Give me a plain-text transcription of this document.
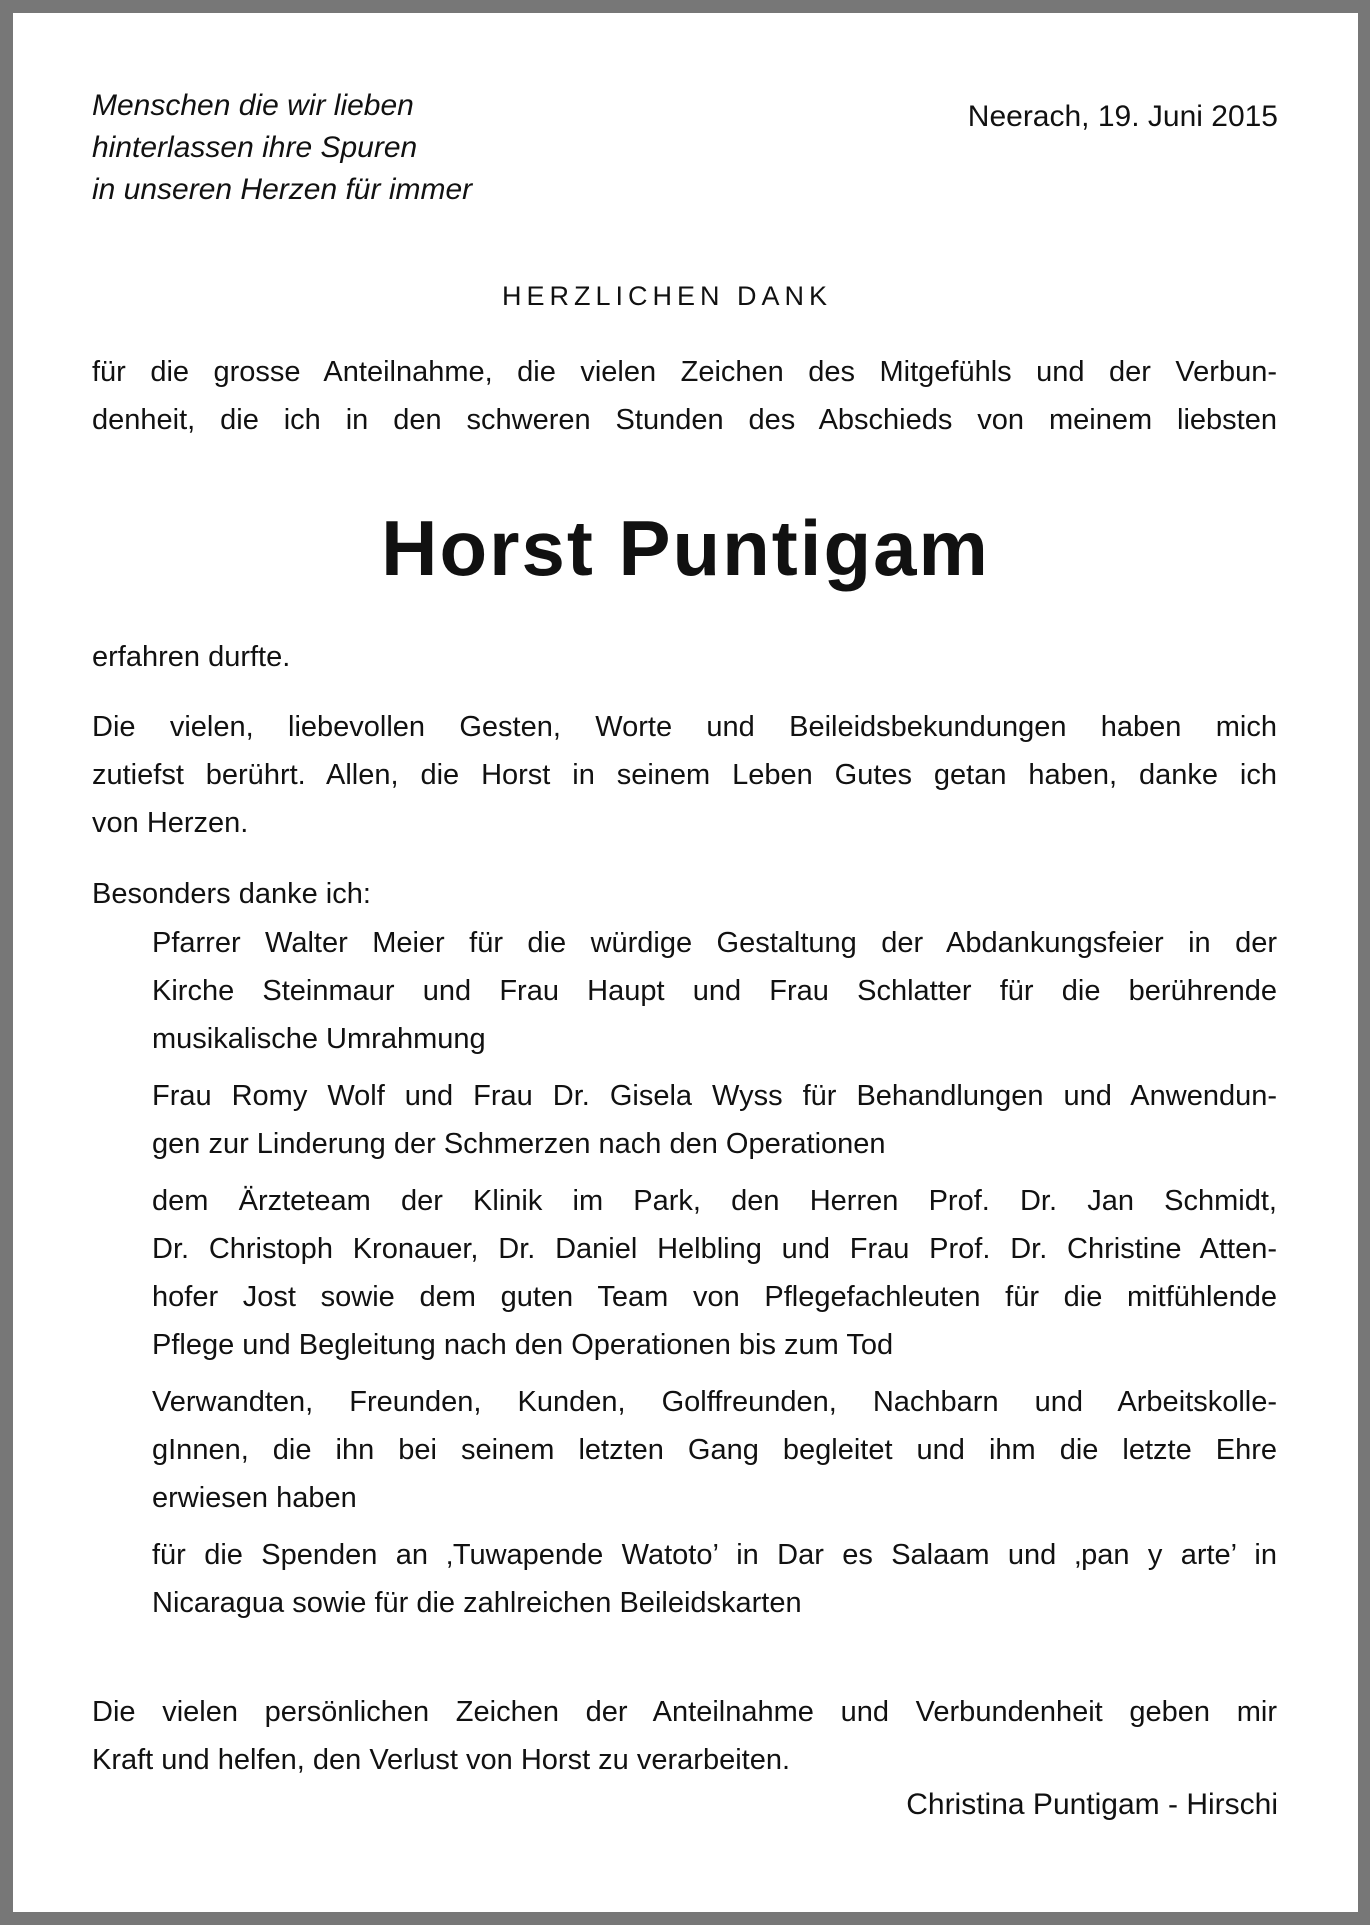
Menschen die wir lieben
hinterlassen ihre Spuren
in unseren Herzen für immer
Neerach, 19. Juni 2015
HERZLICHEN DANK
für die grosse Anteilnahme, die vielen Zeichen des Mitgefühls und der Verbun-
denheit, die ich in den schweren Stunden des Abschieds von meinem liebsten
Horst Puntigam
erfahren durfte.
Die vielen, liebevollen Gesten, Worte und Beileidsbekundungen haben mich
zutiefst berührt. Allen, die Horst in seinem Leben Gutes getan haben, danke ich
von Herzen.
Besonders danke ich:
Pfarrer Walter Meier für die würdige Gestaltung der Abdankungsfeier in der
Kirche Steinmaur und Frau Haupt und Frau Schlatter für die berührende
musikalische Umrahmung
Frau Romy Wolf und Frau Dr. Gisela Wyss für Behandlungen und Anwendun-
gen zur Linderung der Schmerzen nach den Operationen
dem Ärzteteam der Klinik im Park, den Herren Prof. Dr. Jan Schmidt,
Dr. Christoph Kronauer, Dr. Daniel Helbling und Frau Prof. Dr. Christine Atten-
hofer Jost sowie dem guten Team von Pflegefachleuten für die mitfühlende
Pflege und Begleitung nach den Operationen bis zum Tod
Verwandten, Freunden, Kunden, Golffreunden, Nachbarn und Arbeitskolle-
gInnen, die ihn bei seinem letzten Gang begleitet und ihm die letzte Ehre
erwiesen haben
für die Spenden an ‚Tuwapende Watoto’ in Dar es Salaam und ‚pan y arte’ in
Nicaragua sowie für die zahlreichen Beileidskarten
Die vielen persönlichen Zeichen der Anteilnahme und Verbundenheit geben mir
Kraft und helfen, den Verlust von Horst zu verarbeiten.
Christina Puntigam - Hirschi
